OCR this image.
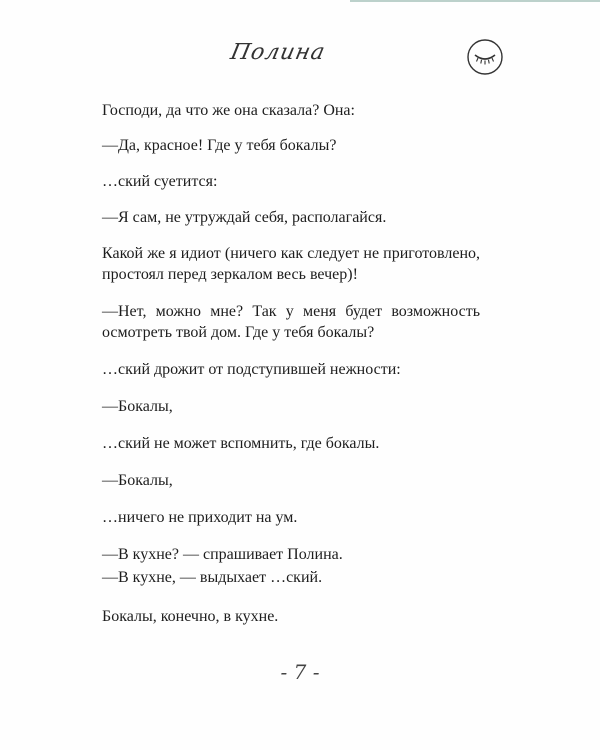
Полина

Господи, да что же она сказала? Она:

—Да, красное! Где у тебя бокалы?

…ский суетится:

—Я сам, не утруждай себя, располагайся.

Какой же я идиот (ничего как следует не приготовлено, простоял перед зеркалом весь вечер)!

—Нет, можно мне? Так у меня будет возможность осмотреть твой дом. Где у тебя бокалы?

…ский дрожит от подступившей нежности:

—Бокалы,

…ский не может вспомнить, где бокалы.

—Бокалы,

…ничего не приходит на ум.

—В кухне? — спрашивает Полина.

—В кухне, — выдыхает …ский.

Бокалы, конечно, в кухне.

- 7 -
